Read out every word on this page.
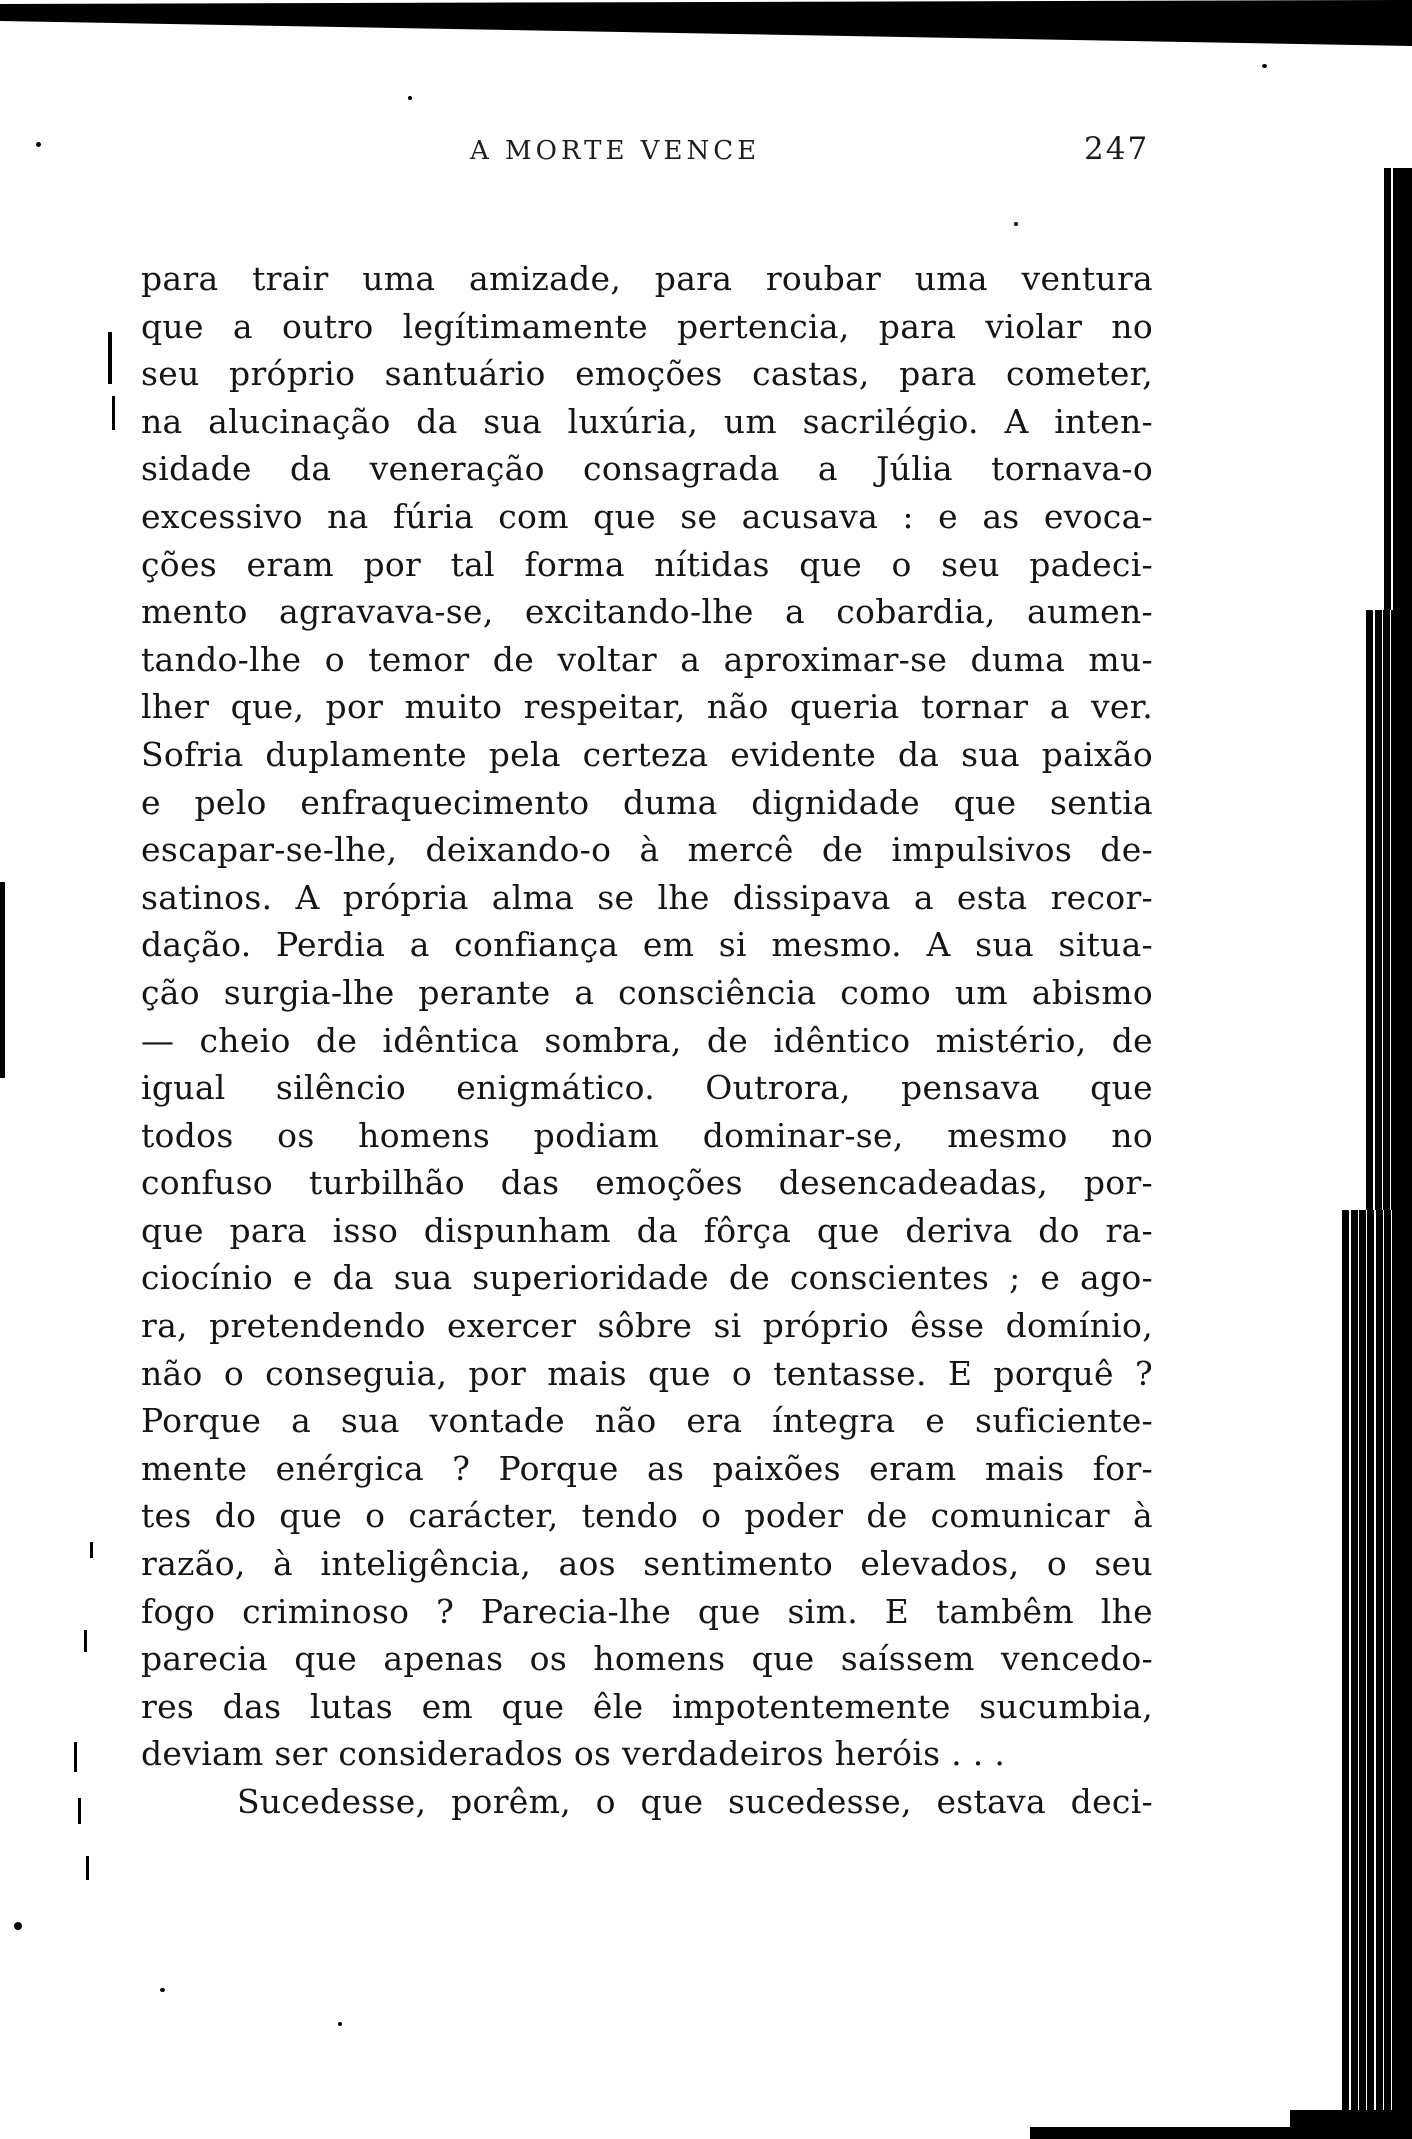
A MORTE VENCE	247
para trair uma amizade, para roubar uma ventura
que a outro legítimamente pertencia, para violar no
seu próprio santuário emoções castas, para cometer,
na alucinação da sua luxúria, um sacrilégio. A inten-
sidade da veneração consagrada a Júlia tornava-o
excessivo na fúria com que se acusava : e as evoca-
ções eram por tal forma nítidas que o seu padeci-
mento agravava-se, excitando-lhe a cobardia, aumen-
tando-lhe o temor de voltar a aproximar-se duma mu-
lher que, por muito respeitar, não queria tornar a ver.
Sofria duplamente pela certeza evidente da sua paixão
e pelo enfraquecimento duma dignidade que sentia
escapar-se-lhe, deixando-o à mercê de impulsivos de-
satinos. A própria alma se lhe dissipava a esta recor-
dação. Perdia a confiança em si mesmo. A sua situa-
ção surgia-lhe perante a consciência como um abismo
— cheio de idêntica sombra, de idêntico mistério, de
igual silêncio enigmático. Outrora, pensava que
todos os homens podiam dominar-se, mesmo no
confuso turbilhão das emoções desencadeadas, por-
que para isso dispunham da fôrça que deriva do ra-
ciocínio e da sua superioridade de conscientes ; e ago-
ra, pretendendo exercer sôbre si próprio êsse domínio,
não o conseguia, por mais que o tentasse. E porquê ?
Porque a sua vontade não era íntegra e suficiente-
mente enérgica ? Porque as paixões eram mais for-
tes do que o carácter, tendo o poder de comunicar à
razão, à inteligência, aos sentimento elevados, o seu
fogo criminoso ? Parecia-lhe que sim. E tambêm lhe
parecia que apenas os homens que saíssem vencedo-
res das lutas em que êle impotentemente sucumbia,
deviam ser considerados os verdadeiros heróis . . .
Sucedesse, porêm, o que sucedesse, estava deci-
